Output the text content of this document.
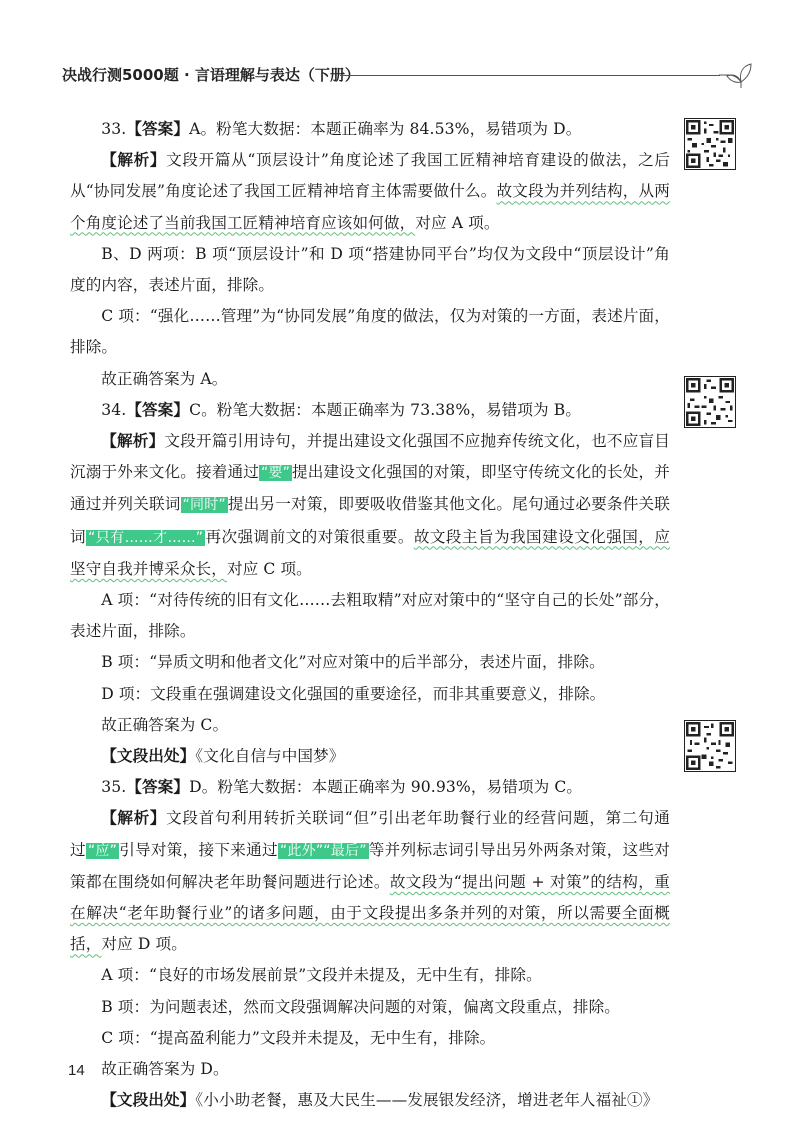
决战行测5000题 · 言语理解与表达（下册）

33.【答案】A。粉笔大数据：本题正确率为 84.53%，易错项为 D。

【解析】文段开篇从“顶层设计”角度论述了我国工匠精神培育建设的做法，之后从“协同发展”角度论述了我国工匠精神培育主体需要做什么。故文段为并列结构，从两个角度论述了当前我国工匠精神培育应该如何做，对应 A 项。

B、D 两项：B 项“顶层设计”和 D 项“搭建协同平台”均仅为文段中“顶层设计”角度的内容，表述片面，排除。

C 项：“强化……管理”为“协同发展”角度的做法，仅为对策的一方面，表述片面，排除。

故正确答案为 A。

34.【答案】C。粉笔大数据：本题正确率为 73.38%，易错项为 B。

【解析】文段开篇引用诗句，并提出建设文化强国不应抛弃传统文化，也不应盲目沉溺于外来文化。接着通过 “要” 提出建设文化强国的对策，即坚守传统文化的长处，并通过并列关联词 “同时” 提出另一对策，即要吸收借鉴其他文化。尾句通过必要条件关联词 “只有……才……” 再次强调前文的对策很重要。故文段主旨为我国建设文化强国，应坚守自我并博采众长，对应 C 项。

A 项：“对待传统的旧有文化……去粗取精”对应对策中的“坚守自己的长处”部分，表述片面，排除。

B 项：“异质文明和他者文化”对应对策中的后半部分，表述片面，排除。

D 项：文段重在强调建设文化强国的重要途径，而非其重要意义，排除。

故正确答案为 C。

【文段出处】《文化自信与中国梦》

35.【答案】D。粉笔大数据：本题正确率为 90.93%，易错项为 C。

【解析】文段首句利用转折关联词“但”引出老年助餐行业的经营问题，第二句通过 “应” 引导对策，接下来通过 “此外”“最后” 等并列标志词引导出另外两条对策，这些对策都在围绕如何解决老年助餐问题进行论述。故文段为“提出问题 + 对策”的结构，重在解决“老年助餐行业”的诸多问题，由于文段提出多条并列的对策，所以需要全面概括，对应 D 项。

A 项：“良好的市场发展前景”文段并未提及，无中生有，排除。

B 项：为问题表述，然而文段强调解决问题的对策，偏离文段重点，排除。

C 项：“提高盈利能力”文段并未提及，无中生有，排除。

故正确答案为 D。

【文段出处】《小小助老餐，惠及大民生——发展银发经济，增进老年人福祉①》

14
